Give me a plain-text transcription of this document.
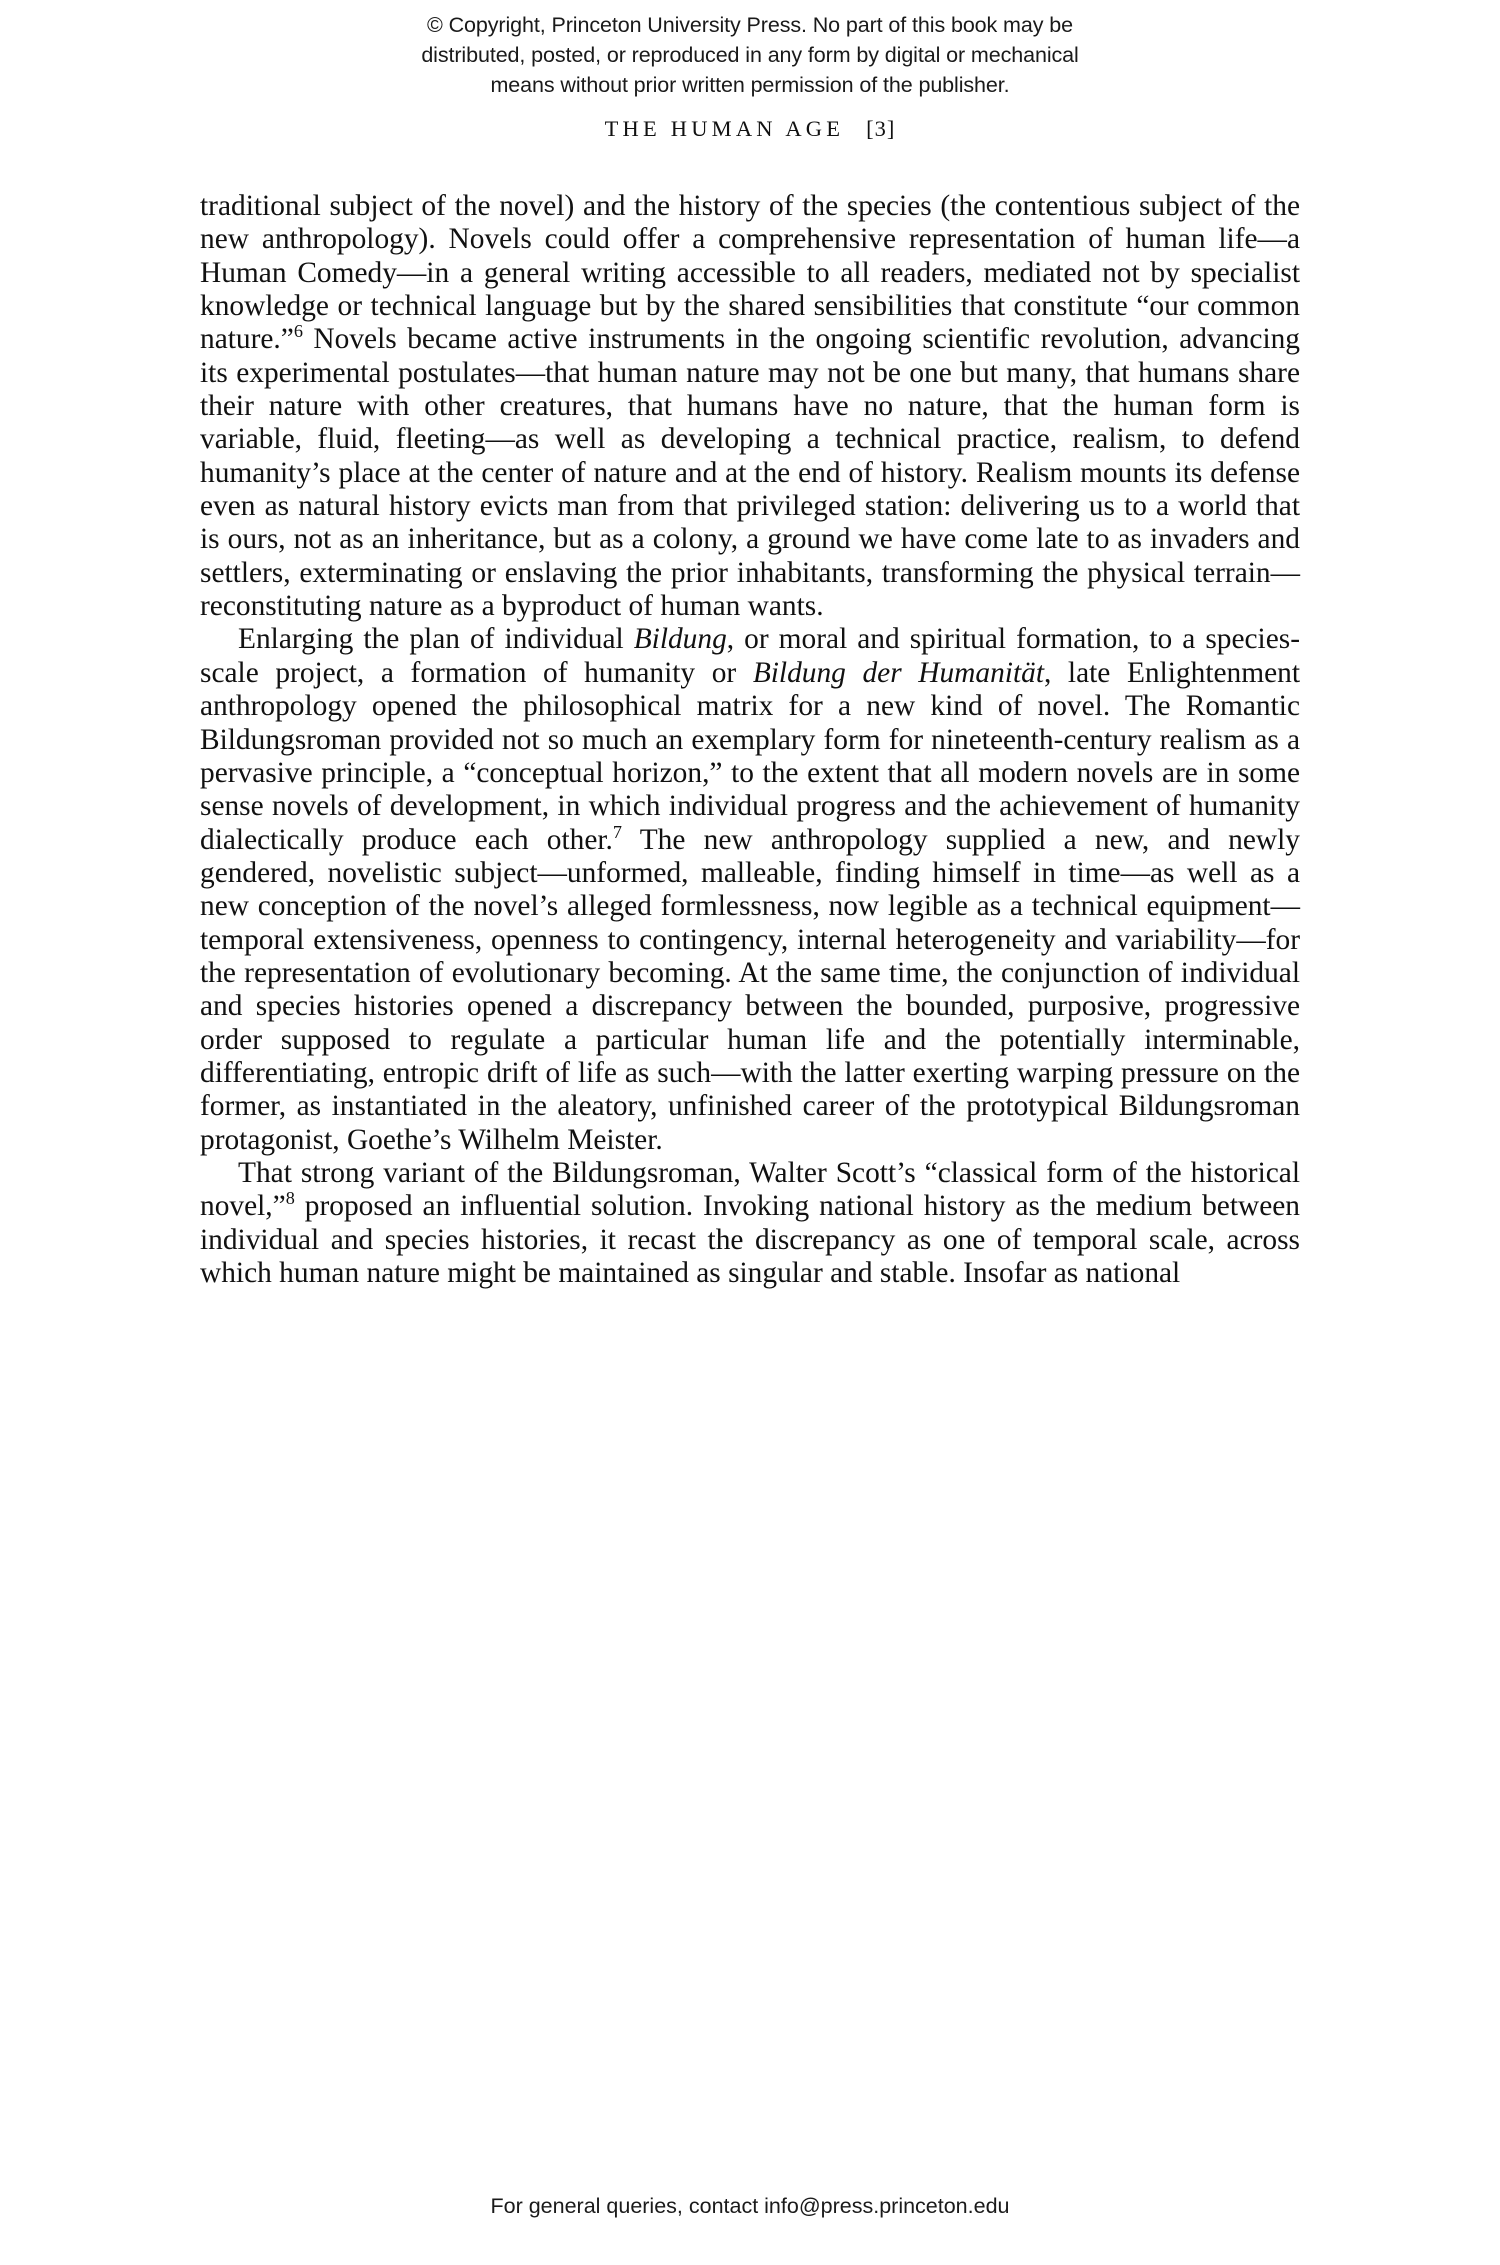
© Copyright, Princeton University Press. No part of this book may be
distributed, posted, or reproduced in any form by digital or mechanical
means without prior written permission of the publisher.
THE HUMAN AGE [3]

traditional subject of the novel) and the history of the species (the contentious subject of the new anthropology). Novels could offer a comprehensive representation of human life—a Human Comedy—in a general writing accessible to all readers, mediated not by specialist knowledge or technical language but by the shared sensibilities that constitute “our common nature.”$^6$ Novels became active instruments in the ongoing scientific revolution, advancing its experimental postulates—that human nature may not be one but many, that humans share their nature with other creatures, that humans have no nature, that the human form is variable, fluid, fleeting—as well as developing a technical practice, realism, to defend humanity’s place at the center of nature and at the end of history. Realism mounts its defense even as natural history evicts man from that privileged station: delivering us to a world that is ours, not as an inheritance, but as a colony, a ground we have come late to as invaders and settlers, exterminating or enslaving the prior inhabitants, transforming the physical terrain—reconstituting nature as a byproduct of human wants.

Enlarging the plan of individual Bildung, or moral and spiritual formation, to a species-scale project, a formation of humanity or Bildung der Humanität, late Enlightenment anthropology opened the philosophical matrix for a new kind of novel. The Romantic Bildungsroman provided not so much an exemplary form for nineteenth-century realism as a pervasive principle, a “conceptual horizon,” to the extent that all modern novels are in some sense novels of development, in which individual progress and the achievement of humanity dialectically produce each other.$^7$ The new anthropology supplied a new, and newly gendered, novelistic subject—unformed, malleable, finding himself in time—as well as a new conception of the novel’s alleged formlessness, now legible as a technical equipment—temporal extensiveness, openness to contingency, internal heterogeneity and variability—for the representation of evolutionary becoming. At the same time, the conjunction of individual and species histories opened a discrepancy between the bounded, purposive, progressive order supposed to regulate a particular human life and the potentially interminable, differentiating, entropic drift of life as such—with the latter exerting warping pressure on the former, as instantiated in the aleatory, unfinished career of the prototypical Bildungsroman protagonist, Goethe’s Wilhelm Meister.

That strong variant of the Bildungsroman, Walter Scott’s “classical form of the historical novel,”$^8$ proposed an influential solution. Invoking national history as the medium between individual and species histories, it recast the discrepancy as one of temporal scale, across which human nature might be maintained as singular and stable. Insofar as national

For general queries, contact info@press.princeton.edu
